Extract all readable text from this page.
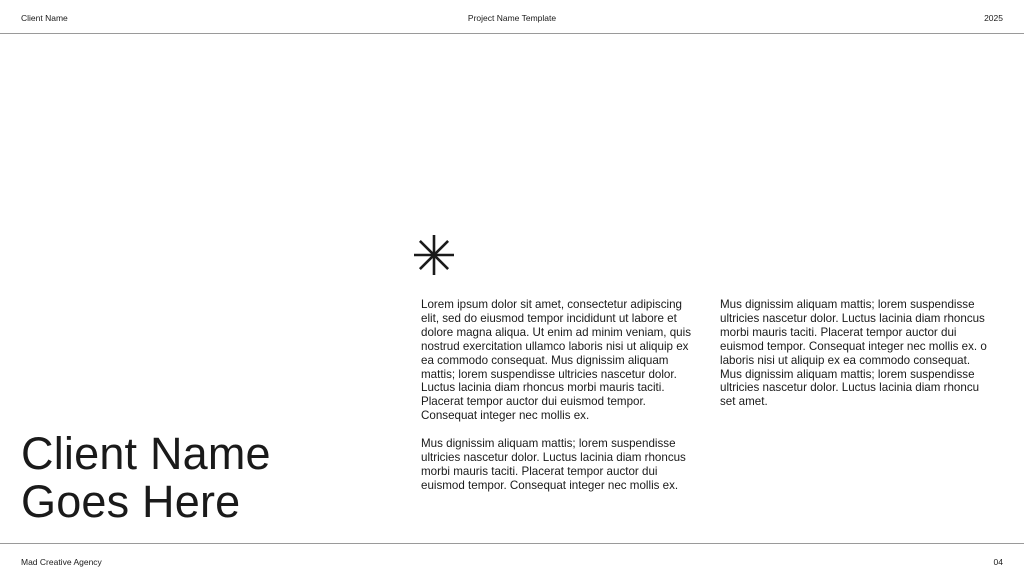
Client Name	Project Name Template	2025
Client Name
Goes Here

Lorem ipsum dolor sit amet, consectetur adipiscing elit, sed do eiusmod tempor incididunt ut labore et dolore magna aliqua. Ut enim ad minim veniam, quis nostrud exercitation ullamco laboris nisi ut aliquip ex ea commodo consequat. Mus dignissim aliquam mattis; lorem suspendisse ultricies nascetur dolor. Luctus lacinia diam rhoncus morbi mauris taciti. Placerat tempor auctor dui euismod tempor. Consequat integer nec mollis ex.

Mus dignissim aliquam mattis; lorem suspendisse ultricies nascetur dolor. Luctus lacinia diam rhoncus morbi mauris taciti. Placerat tempor auctor dui euismod tempor. Consequat integer nec mollis ex.

Mus dignissim aliquam mattis; lorem suspendisse ultricies nascetur dolor. Luctus lacinia diam rhoncus morbi mauris taciti. Placerat tempor auctor dui euismod tempor. Consequat integer nec mollis ex. o laboris nisi ut aliquip ex ea commodo consequat. Mus dignissim aliquam mattis; lorem suspendisse ultricies nascetur dolor. Luctus lacinia diam rhoncu set amet.

Mad Creative Agency	04
